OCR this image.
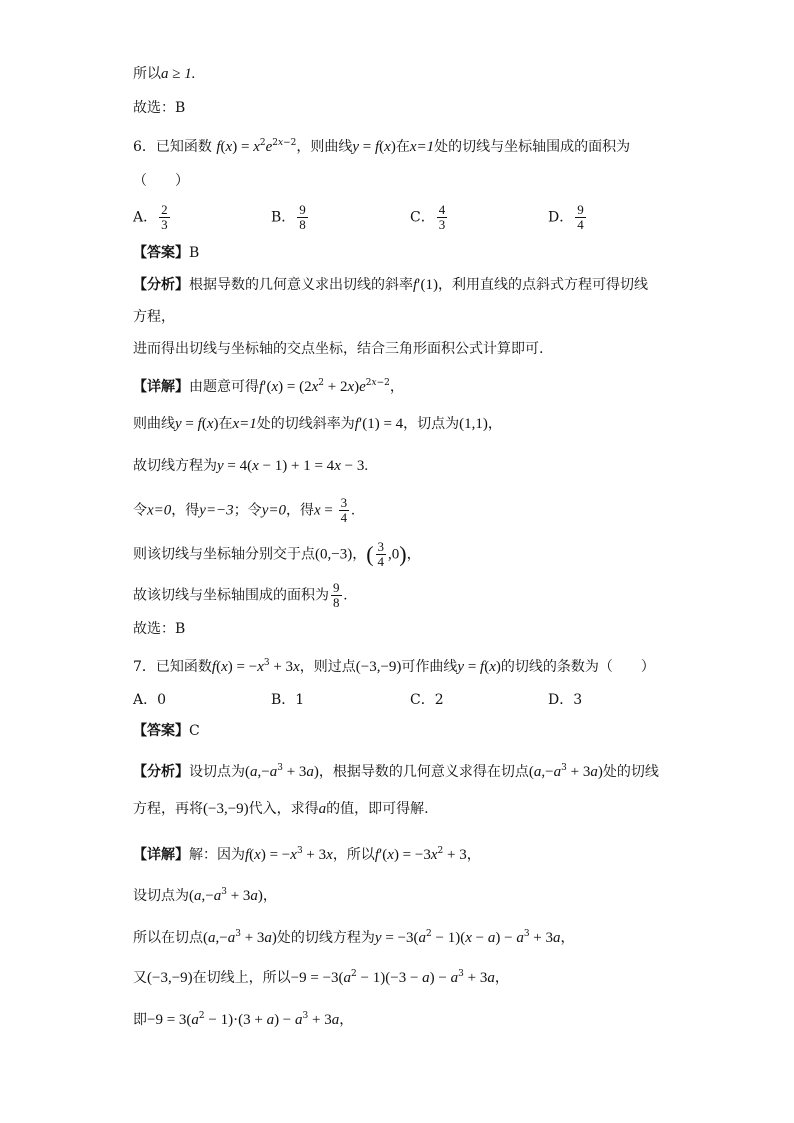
所以a ≥ 1.
故选：B
6．已知函数 $f(x) = x^2e^{2x-2}$，则曲线y = f(x)在x=1处的切线与坐标轴围成的面积为
（　　）
A． $\frac{2}{3}$	B． $\frac{9}{8}$	C． $\frac{4}{3}$	D． $\frac{9}{4}$
【答案】B
【分析】根据导数的几何意义求出切线的斜率f′(1)，利用直线的点斜式方程可得切线
方程，
进而得出切线与坐标轴的交点坐标，结合三角形面积公式计算即可.
【详解】由题意可得$f'(x) = (2x^2 + 2x)e^{2x-2}$，
则曲线y = f(x)在x=1处的切线斜率为f′(1) = 4，切点为(1,1)，
故切线方程为y = 4(x − 1) + 1 = 4x − 3.
令x=0，得y=−3；令y=0，得$x = \frac{3}{4}$ .
则该切线与坐标轴分别交于点(0,−3)，( $\frac{3}{4} ,0$)，
故该切线与坐标轴围成的面积为 $\frac{9}{8}$ .
故选：B
7．已知函数$f(x) = -x^3 + 3x$，则过点(−3,−9)可作曲线y = f(x)的切线的条数为（　　）
A．0	B．1	C．2	D．3
【答案】C
【分析】设切点为$(a,-a^3 + 3a)$，根据导数的几何意义求得在切点$(a,-a^3 + 3a)$处的切线
方程，再将(−3,−9)代入，求得a的值，即可得解.
【详解】解：因为$f(x) = -x^3 + 3x$，所以$f'(x) = -3x^2 + 3$，
设切点为$(a,-a^3 + 3a)$，
所以在切点$(a,-a^3 + 3a)$处的切线方程为$y = -3(a^2 - 1)(x - a) - a^3 + 3a$，
又(−3,−9)在切线上，所以$-9 = -3(a^2 - 1)(-3 - a) - a^3 + 3a$，
即$-9 = 3(a^2 - 1)\cdot(3 + a) - a^3 + 3a$，
